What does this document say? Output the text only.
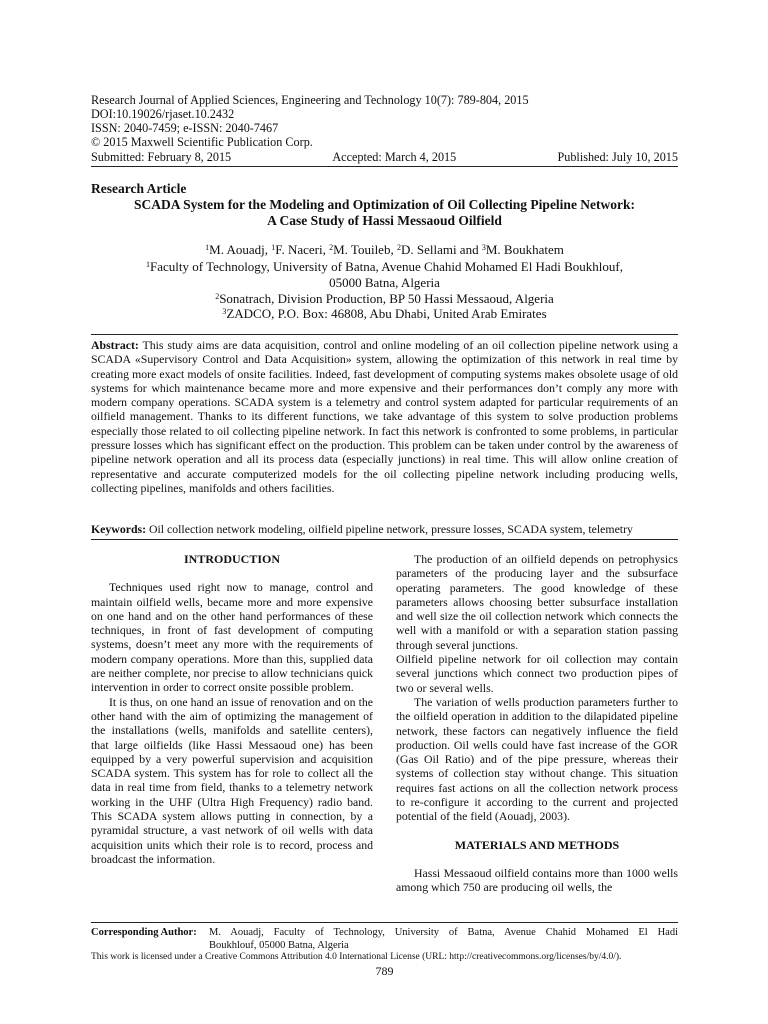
Research Journal of Applied Sciences, Engineering and Technology 10(7): 789-804, 2015
DOI:10.19026/rjaset.10.2432
ISSN: 2040-7459; e-ISSN: 2040-7467
© 2015 Maxwell Scientific Publication Corp.
Submitted: February 8, 2015	Accepted: March 4, 2015	Published: July 10, 2015
Research Article
SCADA System for the Modeling and Optimization of Oil Collecting Pipeline Network:
A Case Study of Hassi Messaoud Oilfield
$^1$M. Aouadj, $^1$F. Naceri, $^2$M. Touileb, $^2$D. Sellami and $^3$M. Boukhatem
$^1$Faculty of Technology, University of Batna, Avenue Chahid Mohamed El Hadi Boukhlouf,
05000 Batna, Algeria
$^2$Sonatrach, Division Production, BP 50 Hassi Messaoud, Algeria
$^3$ZADCO, P.O. Box: 46808, Abu Dhabi, United Arab Emirates
Abstract: This study aims are data acquisition, control and online modeling of an oil collection pipeline network using a SCADA «Supervisory Control and Data Acquisition» system, allowing the optimization of this network in real time by creating more exact models of onsite facilities. Indeed, fast development of computing systems makes obsolete usage of old systems for which maintenance became more and more expensive and their performances don’t comply any more with modern company operations. SCADA system is a telemetry and control system adapted for particular requirements of an oilfield management. Thanks to its different functions, we take advantage of this system to solve production problems especially those related to oil collecting pipeline network. In fact this network is confronted to some problems, in particular pressure losses which has significant effect on the production. This problem can be taken under control by the awareness of pipeline network operation and all its process data (especially junctions) in real time. This will allow online creation of representative and accurate computerized models for the oil collecting pipeline network including producing wells, collecting pipelines, manifolds and others facilities.
Keywords: Oil collection network modeling, oilfield pipeline network, pressure losses, SCADA system, telemetry
INTRODUCTION

Techniques used right now to manage, control and maintain oilfield wells, became more and more expensive on one hand and on the other hand performances of these techniques, in front of fast development of computing systems, doesn’t meet any more with the requirements of modern company operations. More than this, supplied data are neither complete, nor precise to allow technicians quick intervention in order to correct onsite possible problem.

It is thus, on one hand an issue of renovation and on the other hand with the aim of optimizing the management of the installations (wells, manifolds and satellite centers), that large oilfields (like Hassi Messaoud one) has been equipped by a very powerful supervision and acquisition SCADA system. This system has for role to collect all the data in real time from field, thanks to a telemetry network working in the UHF (Ultra High Frequency) radio band. This SCADA system allows putting in connection, by a pyramidal structure, a vast network of oil wells with data acquisition units which their role is to record, process and broadcast the information.

The production of an oilfield depends on petrophysics parameters of the producing layer and the subsurface operating parameters. The good knowledge of these parameters allows choosing better subsurface installation and well size the oil collection network which connects the well with a manifold or with a separation station passing through several junctions.

Oilfield pipeline network for oil collection may contain several junctions which connect two production pipes of two or several wells.

The variation of wells production parameters further to the oilfield operation in addition to the dilapidated pipeline network, these factors can negatively influence the field production. Oil wells could have fast increase of the GOR (Gas Oil Ratio) and of the pipe pressure, whereas their systems of collection stay without change. This situation requires fast actions on all the collection network process to re-configure it according to the current and projected potential of the field (Aouadj, 2003).

MATERIALS AND METHODS

Hassi Messaoud oilfield contains more than 1000 wells among which 750 are producing oil wells, the

Corresponding Author:	M. Aouadj, Faculty of Technology, University of Batna, Avenue Chahid Mohamed El Hadi
Boukhlouf, 05000 Batna, Algeria
This work is licensed under a Creative Commons Attribution 4.0 International License (URL: http://creativecommons.org/licenses/by/4.0/).
789
